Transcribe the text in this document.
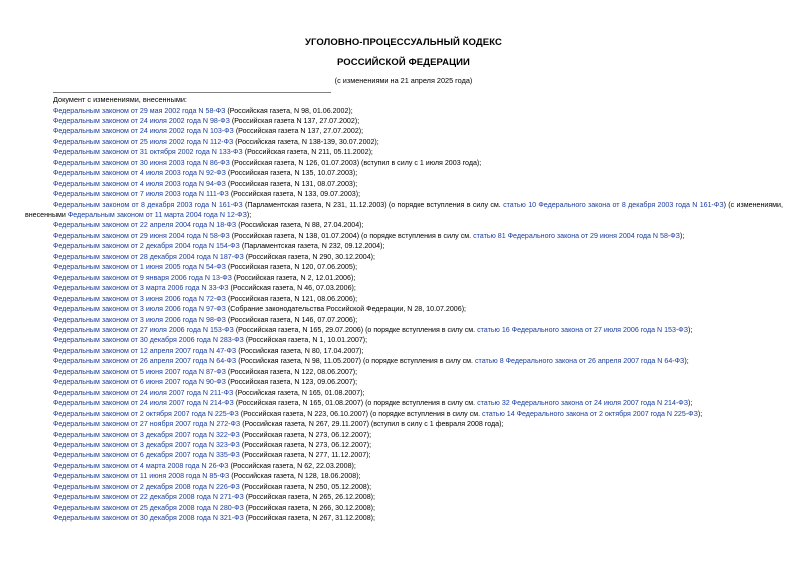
УГОЛОВНО-ПРОЦЕССУАЛЬНЫЙ КОДЕКС
РОССИЙСКОЙ ФЕДЕРАЦИИ
(с изменениями на 21 апреля 2025 года)
Документ с изменениями, внесенными:
Федеральным законом от 29 мая 2002 года N 58-ФЗ (Российская газета, N 98, 01.06.2002);
Федеральным законом от 24 июля 2002 года N 98-ФЗ (Российская газета N 137, 27.07.2002);
Федеральным законом от 24 июля 2002 года N 103-ФЗ (Российская газета N 137, 27.07.2002);
Федеральным законом от 25 июля 2002 года N 112-ФЗ (Российская газета, N 138-139, 30.07.2002);
Федеральным законом от 31 октября 2002 года N 133-ФЗ (Российская газета, N 211, 05.11.2002);
Федеральным законом от 30 июня 2003 года N 86-ФЗ (Российская газета, N 126, 01.07.2003) (вступил в силу с 1 июля 2003 года);
Федеральным законом от 4 июля 2003 года N 92-ФЗ (Российская газета, N 135, 10.07.2003);
Федеральным законом от 4 июля 2003 года N 94-ФЗ (Российская газета, N 131, 08.07.2003);
Федеральным законом от 7 июля 2003 года N 111-ФЗ (Российская газета, N 133, 09.07.2003);
Федеральным законом от 8 декабря 2003 года N 161-ФЗ (Парламентская газета, N 231, 11.12.2003) (о порядке вступления в силу см. статью 10 Федерального закона от 8 декабря 2003 года N 161-ФЗ) (с изменениями, внесенными Федеральным законом от 11 марта 2004 года N 12-ФЗ);
Федеральным законом от 22 апреля 2004 года N 18-ФЗ (Российская газета, N 88, 27.04.2004);
Федеральным законом от 29 июня 2004 года N 58-ФЗ (Российская газета, N 138, 01.07.2004) (о порядке вступления в силу см. статью 81 Федерального закона от 29 июня 2004 года N 58-ФЗ);
Федеральным законом от 2 декабря 2004 года N 154-ФЗ (Парламентская газета, N 232, 09.12.2004);
Федеральным законом от 28 декабря 2004 года N 187-ФЗ (Российская газета, N 290, 30.12.2004);
Федеральным законом от 1 июня 2005 года N 54-ФЗ (Российская газета, N 120, 07.06.2005);
Федеральным законом от 9 января 2006 года N 13-ФЗ (Российская газета, N 2, 12.01.2006);
Федеральным законом от 3 марта 2006 года N 33-ФЗ (Российская газета, N 46, 07.03.2006);
Федеральным законом от 3 июня 2006 года N 72-ФЗ (Российская газета, N 121, 08.06.2006);
Федеральным законом от 3 июля 2006 года N 97-ФЗ (Собрание законодательства Российской Федерации, N 28, 10.07.2006);
Федеральным законом от 3 июля 2006 года N 98-ФЗ (Российская газета, N 146, 07.07.2006);
Федеральным законом от 27 июля 2006 года N 153-ФЗ (Российская газета, N 165, 29.07.2006) (о порядке вступления в силу см. статью 16 Федерального закона от 27 июля 2006 года N 153-ФЗ);
Федеральным законом от 30 декабря 2006 года N 283-ФЗ (Российская газета, N 1, 10.01.2007);
Федеральным законом от 12 апреля 2007 года N 47-ФЗ (Российская газета, N 80, 17.04.2007);
Федеральным законом от 26 апреля 2007 года N 64-ФЗ (Российская газета, N 98, 11.05.2007) (о порядке вступления в силу см. статью 8 Федерального закона от 26 апреля 2007 года N 64-ФЗ);
Федеральным законом от 5 июня 2007 года N 87-ФЗ (Российская газета, N 122, 08.06.2007);
Федеральным законом от 6 июня 2007 года N 90-ФЗ (Российская газета, N 123, 09.06.2007);
Федеральным законом от 24 июля 2007 года N 211-ФЗ (Российская газета, N 165, 01.08.2007);
Федеральным законом от 24 июля 2007 года N 214-ФЗ (Российская газета, N 165, 01.08.2007) (о порядке вступления в силу см. статью 32 Федерального закона от 24 июля 2007 года N 214-ФЗ);
Федеральным законом от 2 октября 2007 года N 225-ФЗ (Российская газета, N 223, 06.10.2007) (о порядке вступления в силу см. статью 14 Федерального закона от 2 октября 2007 года N 225-ФЗ);
Федеральным законом от 27 ноября 2007 года N 272-ФЗ (Российская газета, N 267, 29.11.2007) (вступил в силу с 1 февраля 2008 года);
Федеральным законом от 3 декабря 2007 года N 322-ФЗ (Российская газета, N 273, 06.12.2007);
Федеральным законом от 3 декабря 2007 года N 323-ФЗ (Российская газета, N 273, 06.12.2007);
Федеральным законом от 6 декабря 2007 года N 335-ФЗ (Российская газета, N 277, 11.12.2007);
Федеральным законом от 4 марта 2008 года N 26-ФЗ (Российская газета, N 62, 22.03.2008);
Федеральным законом от 11 июня 2008 года N 85-ФЗ (Российская газета, N 128, 18.06.2008);
Федеральным законом от 2 декабря 2008 года N 226-ФЗ (Российская газета, N 250, 05.12.2008);
Федеральным законом от 22 декабря 2008 года N 271-ФЗ (Российская газета, N 265, 26.12.2008);
Федеральным законом от 25 декабря 2008 года N 280-ФЗ (Российская газета, N 266, 30.12.2008);
Федеральным законом от 30 декабря 2008 года N 321-ФЗ (Российская газета, N 267, 31.12.2008);
